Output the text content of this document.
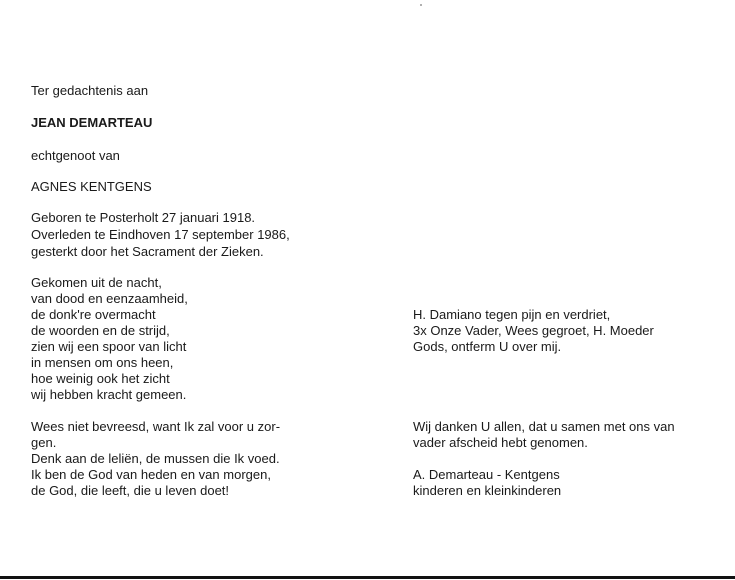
Ter gedachtenis aan
JEAN DEMARTEAU
echtgenoot van
AGNES KENTGENS
Geboren te Posterholt 27 januari 1918.
Overleden te Eindhoven 17 september 1986,
gesterkt door het Sacrament der Zieken.
Gekomen uit de nacht,
van dood en eenzaamheid,
de donk're overmacht
de woorden en de strijd,
zien wij een spoor van licht
in mensen om ons heen,
hoe weinig ook het zicht
wij hebben kracht gemeen.
Wees niet bevreesd, want Ik zal voor u zor-
gen.
Denk aan de leliën, de mussen die Ik voed.
Ik ben de God van heden en van morgen,
de God, die leeft, die u leven doet!
H. Damiano tegen pijn en verdriet,
3x Onze Vader, Wees gegroet, H. Moeder
Gods, ontferm U over mij.
Wij danken U allen, dat u samen met ons van
vader afscheid hebt genomen.
A. Demarteau - Kentgens
kinderen en kleinkinderen
